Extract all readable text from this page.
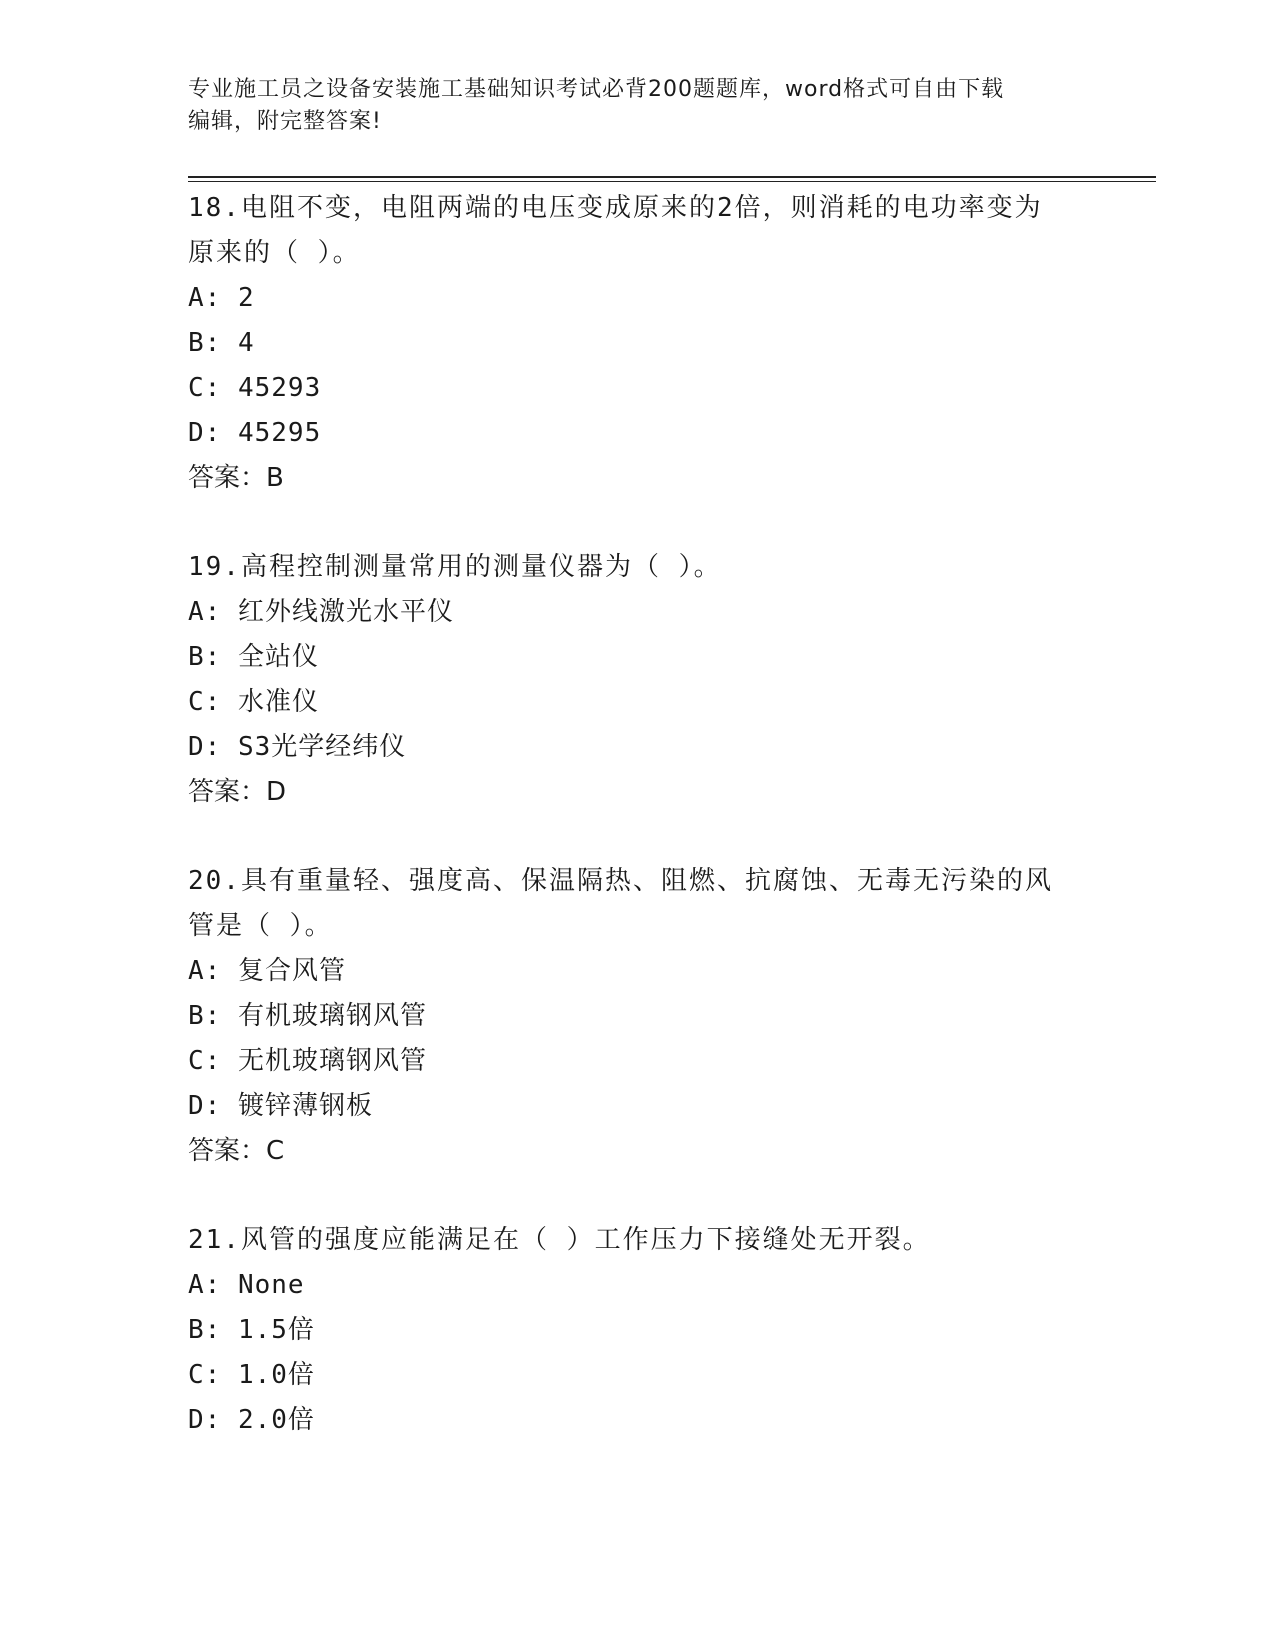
专业施工员之设备安装施工基础知识考试必背200题题库，word格式可自由下载
编辑，附完整答案!
18.电阻不变，电阻两端的电压变成原来的2倍，则消耗的电功率变为
原来的（ ）。
A: 2
B: 4
C: 45293
D: 45295
答案：B
19.高程控制测量常用的测量仪器为（ ）。
A: 红外线激光水平仪
B: 全站仪
C: 水准仪
D: S3光学经纬仪
答案：D
20.具有重量轻、强度高、保温隔热、阻燃、抗腐蚀、无毒无污染的风
管是（ ）。
A: 复合风管
B: 有机玻璃钢风管
C: 无机玻璃钢风管
D: 镀锌薄钢板
答案：C
21.风管的强度应能满足在（ ）工作压力下接缝处无开裂。
A: None
B: 1.5倍
C: 1.0倍
D: 2.0倍
